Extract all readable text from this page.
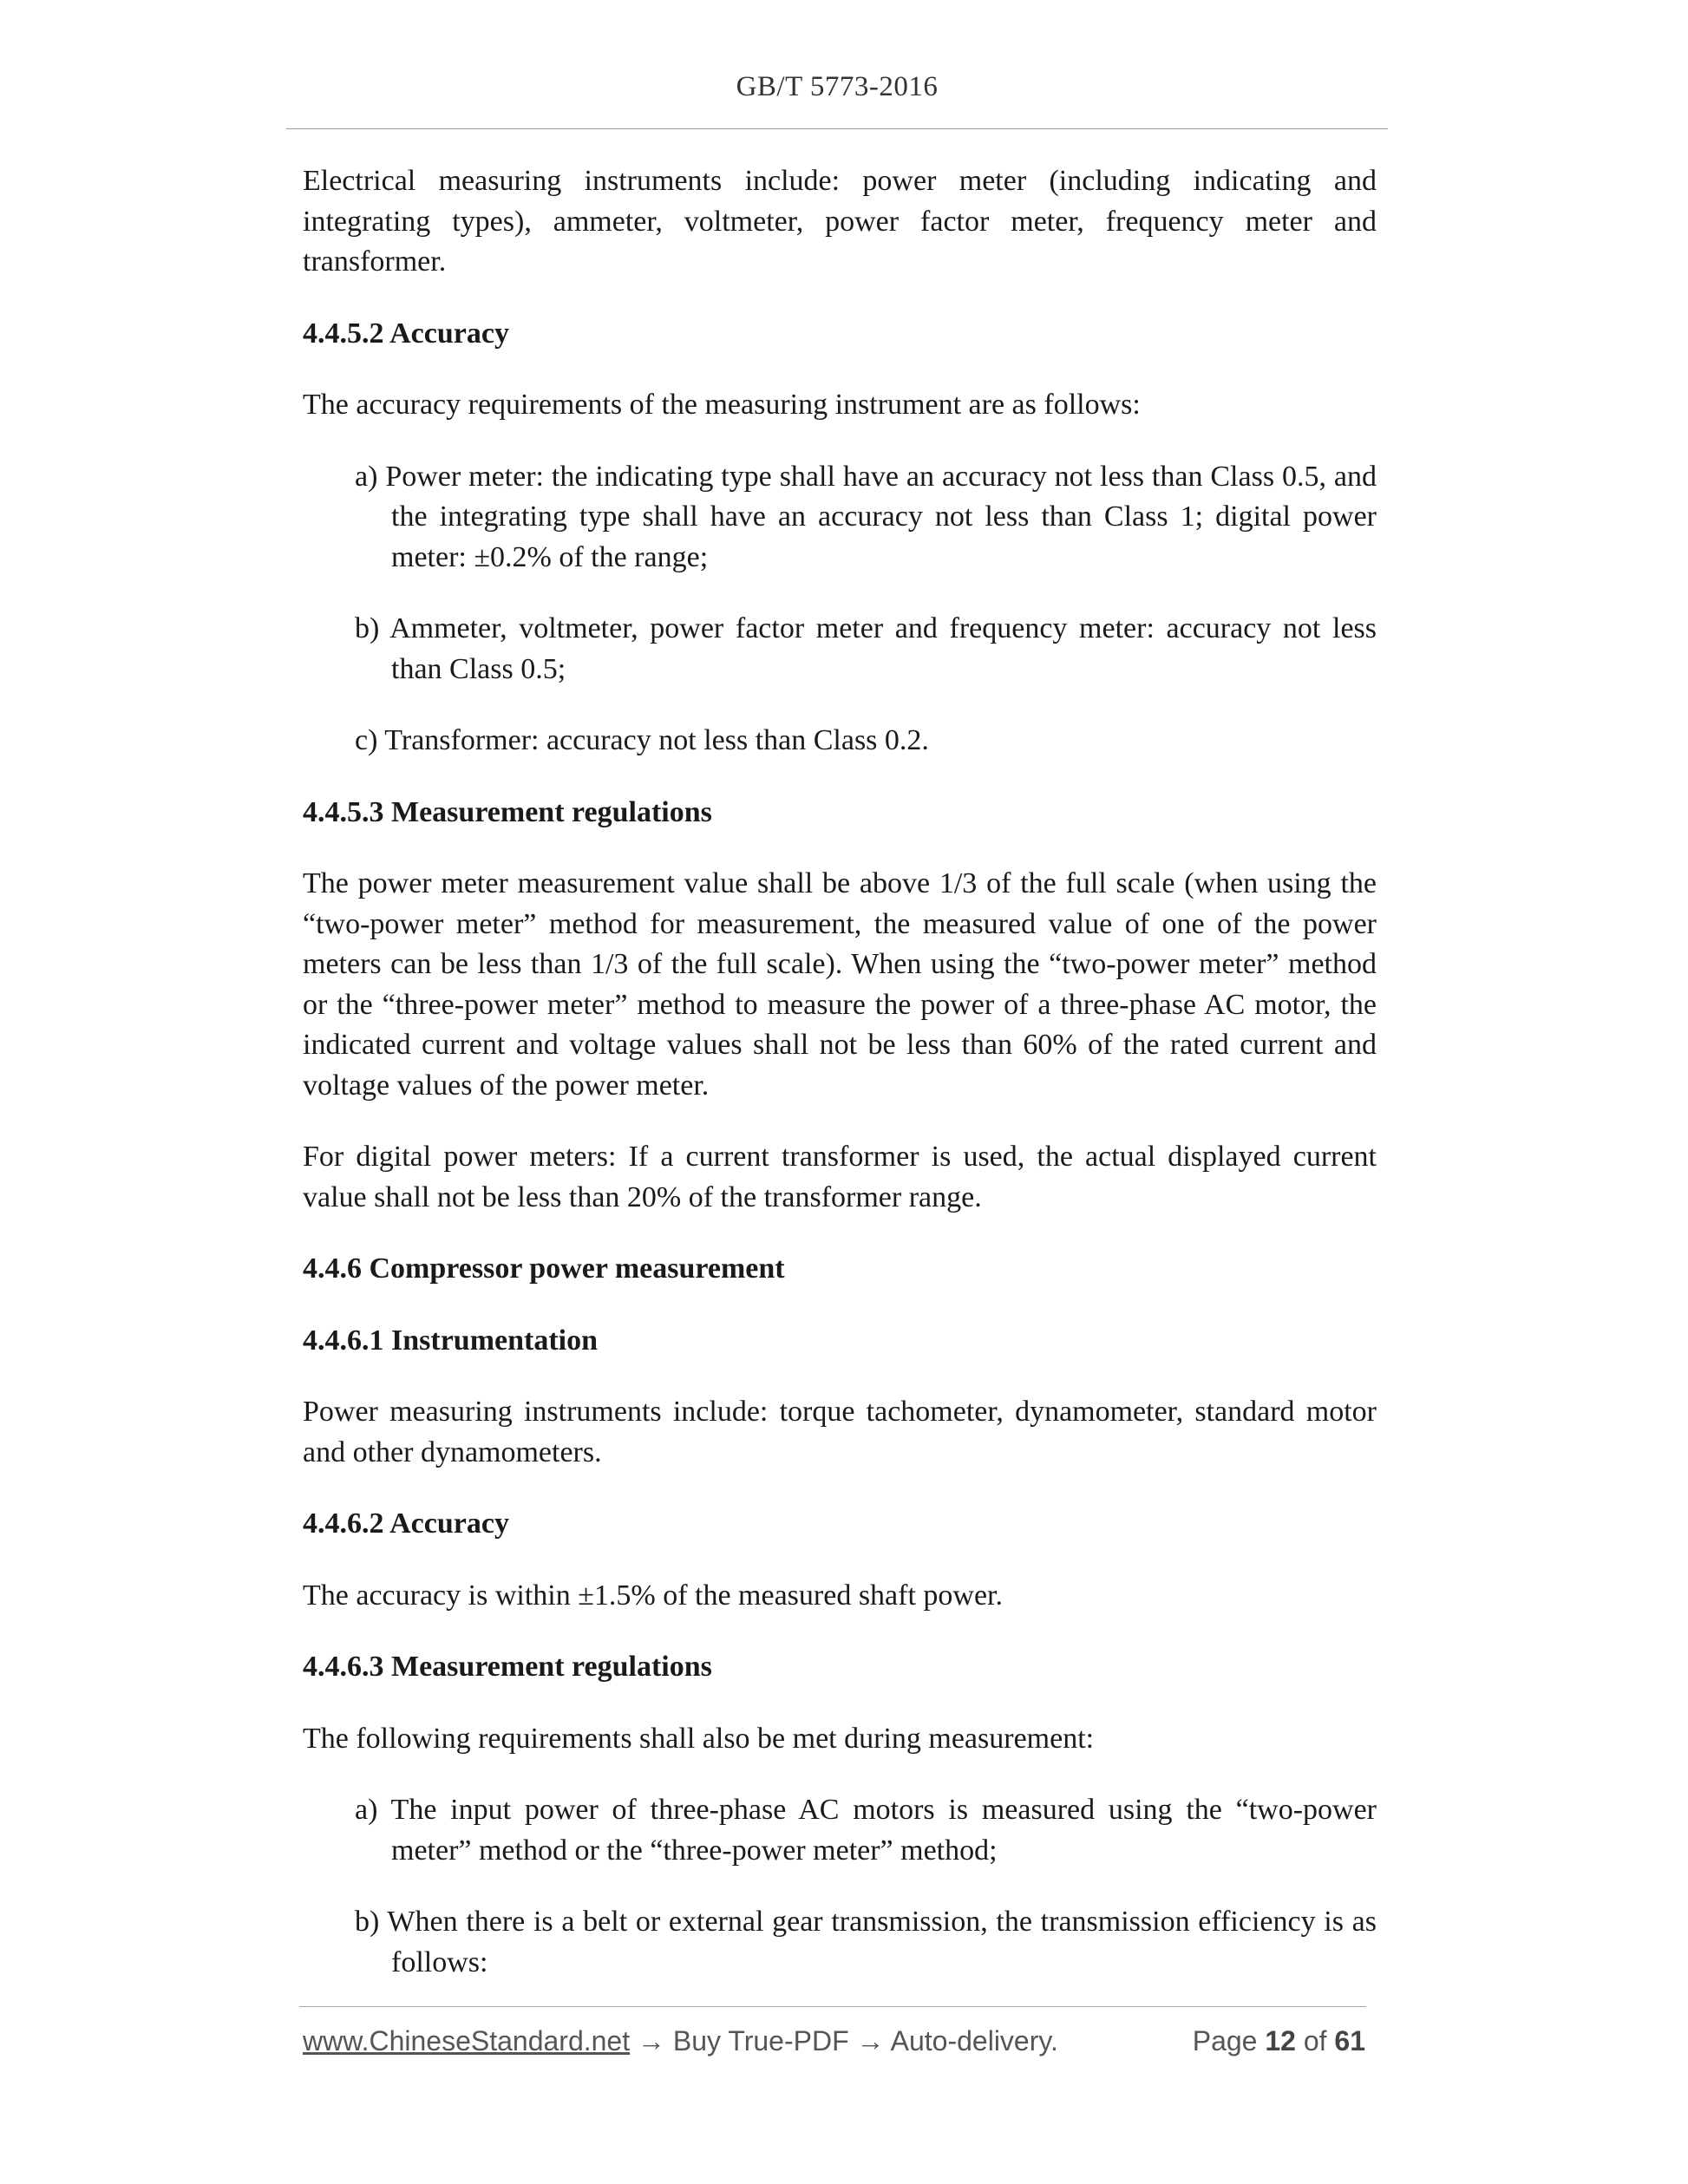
GB/T 5773-2016

Electrical measuring instruments include: power meter (including indicating and integrating types), ammeter, voltmeter, power factor meter, frequency meter and transformer.

4.4.5.2 Accuracy

The accuracy requirements of the measuring instrument are as follows:

a) Power meter: the indicating type shall have an accuracy not less than Class 0.5, and the integrating type shall have an accuracy not less than Class 1; digital power meter: ±0.2% of the range;

b) Ammeter, voltmeter, power factor meter and frequency meter: accuracy not less than Class 0.5;

c) Transformer: accuracy not less than Class 0.2.

4.4.5.3 Measurement regulations

The power meter measurement value shall be above 1/3 of the full scale (when using the “two-power meter” method for measurement, the measured value of one of the power meters can be less than 1/3 of the full scale). When using the “two-power meter” method or the “three-power meter” method to measure the power of a three-phase AC motor, the indicated current and voltage values shall not be less than 60% of the rated current and voltage values of the power meter.

For digital power meters: If a current transformer is used, the actual displayed current value shall not be less than 20% of the transformer range.

4.4.6 Compressor power measurement

4.4.6.1 Instrumentation

Power measuring instruments include: torque tachometer, dynamometer, standard motor and other dynamometers.

4.4.6.2 Accuracy

The accuracy is within ±1.5% of the measured shaft power.

4.4.6.3 Measurement regulations

The following requirements shall also be met during measurement:

a) The input power of three-phase AC motors is measured using the “two-power meter” method or the “three-power meter” method;

b) When there is a belt or external gear transmission, the transmission efficiency is as follows:

www.ChineseStandard.net → Buy True-PDF → Auto-delivery.	Page 12 of 61
